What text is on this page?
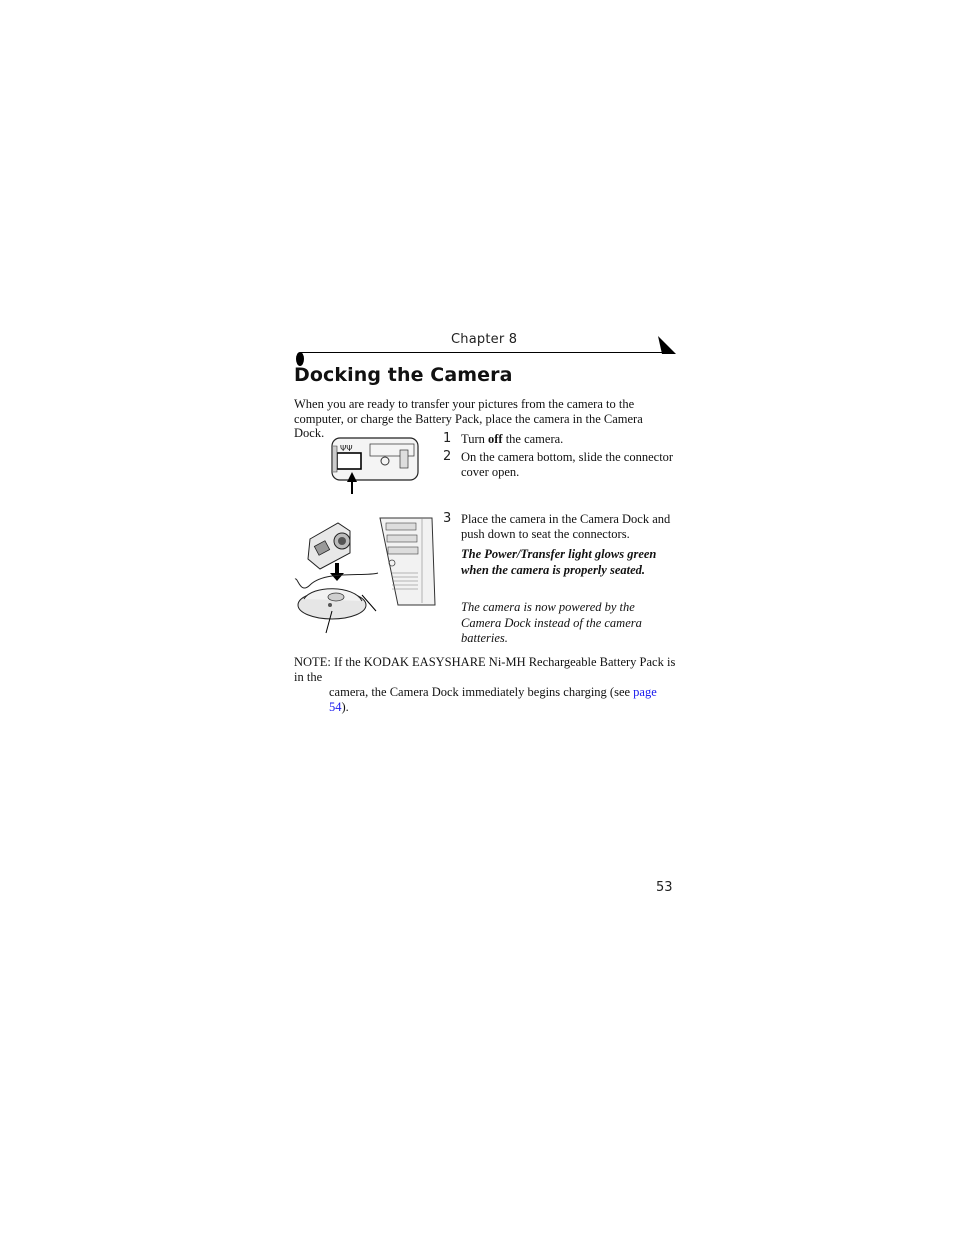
Chapter 8
Docking the Camera
When you are ready to transfer your pictures from the camera to the computer, or charge the Battery Pack, place the camera in the Camera Dock.
ΨΨ
1 Turn off the camera.
2 On the camera bottom, slide the connector cover open.
3 Place the camera in the Camera Dock and push down to seat the connectors.
The Power/Transfer light glows green when the camera is properly seated.
The camera is now powered by the Camera Dock instead of the camera batteries.
NOTE: If the KODAK EASYSHARE Ni-MH Rechargeable Battery Pack is in the
camera, the Camera Dock immediately begins charging (see page 54).
53
